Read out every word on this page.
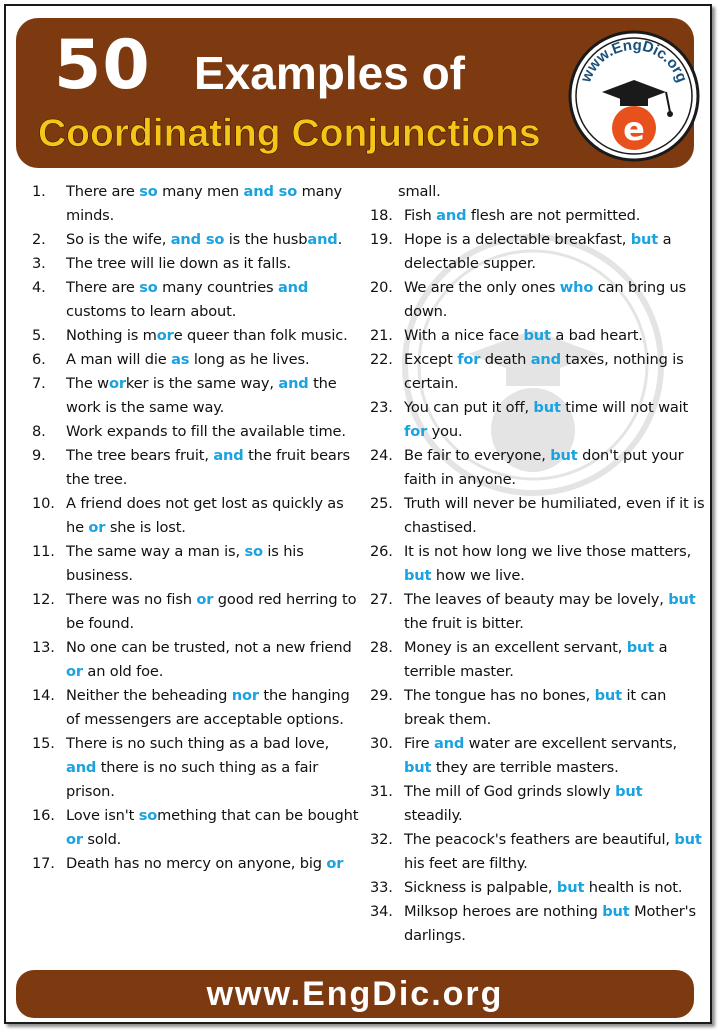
50 Examples of
Coordinating Conjunctions
www.EngDic.org
e
1. There are so many men and so many minds.
2. So is the wife, and so is the husband.
3. The tree will lie down as it falls.
4. There are so many countries and customs to learn about.
5. Nothing is more queer than folk music.
6. A man will die as long as he lives.
7. The worker is the same way, and the work is the same way.
8. Work expands to fill the available time.
9. The tree bears fruit, and the fruit bears the tree.
10. A friend does not get lost as quickly as he or she is lost.
11. The same way a man is, so is his business.
12. There was no fish or good red herring to be found.
13. No one can be trusted, not a new friend or an old foe.
14. Neither the beheading nor the hanging of messengers are acceptable options.
15. There is no such thing as a bad love, and there is no such thing as a fair prison.
16. Love isn't something that can be bought or sold.
17. Death has no mercy on anyone, big or
small.
18. Fish and flesh are not permitted.
19. Hope is a delectable breakfast, but a delectable supper.
20. We are the only ones who can bring us down.
21. With a nice face but a bad heart.
22. Except for death and taxes, nothing is certain.
23. You can put it off, but time will not wait for you.
24. Be fair to everyone, but don't put your faith in anyone.
25. Truth will never be humiliated, even if it is chastised.
26. It is not how long we live those matters, but how we live.
27. The leaves of beauty may be lovely, but the fruit is bitter.
28. Money is an excellent servant, but a terrible master.
29. The tongue has no bones, but it can break them.
30. Fire and water are excellent servants, but they are terrible masters.
31. The mill of God grinds slowly but steadily.
32. The peacock's feathers are beautiful, but his feet are filthy.
33. Sickness is palpable, but health is not.
34. Milksop heroes are nothing but Mother's darlings.
www.EngDic.org
